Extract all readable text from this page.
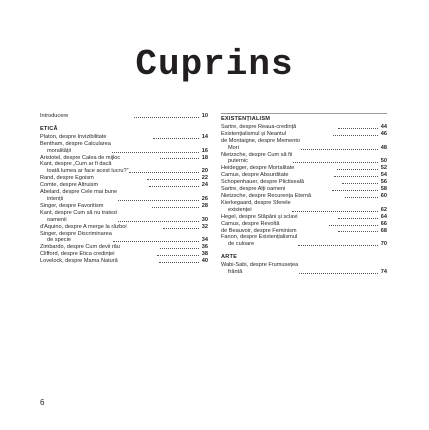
Cuprins
Introducere	10
ETICĂ
Platon, despre Invizibilitate	14
Bentham, despre Calcularea
moralității	16
Aristotel, despre Calea de mijloc	18
Kant, despre „Cum ar fi dacă
toată lumea ar face acest lucru?”	20
Rand, despre Egoism	22
Comte, despre Altruism	24
Abelard, despre Cele mai bune
intenții	26
Singer, despre Favoritism	28
Kant, despre Cum să nu tratezi
oamenii	30
d'Aquino, despre A merge la război	32
Singer, despre Discriminarea
de specie	34
Zimbardo, despre Cum devii rău	36
Clifford, despre Etica credinței	38
Lovelock, despre Mama Natură	40
EXISTENȚIALISM
Sartre, despre Reaua-credință	44
Existențialismul și Neantul	46
de Montaigne, despre Memento
Mori	48
Nietzsche, despre Cum să fii
puternic	50
Heidegger, despre Mortalitate	52
Camus, despre Absurditate	54
Schopenhauer, despre Plictiseală	56
Sartre, despre Alți oameni	58
Nietzsche, despre Recurența Eternă	60
Kierkegaard, despre Sferele
existenței	62
Hegel, despre Stăpâni și sclavi	64
Camus, despre Revoltă	66
de Beauvoir, despre Feminism	68
Fanon, despre Existențialismul
de culoare	70
ARTE
Wabi-Sabi, despre Frumusețea
frântă	74
6
